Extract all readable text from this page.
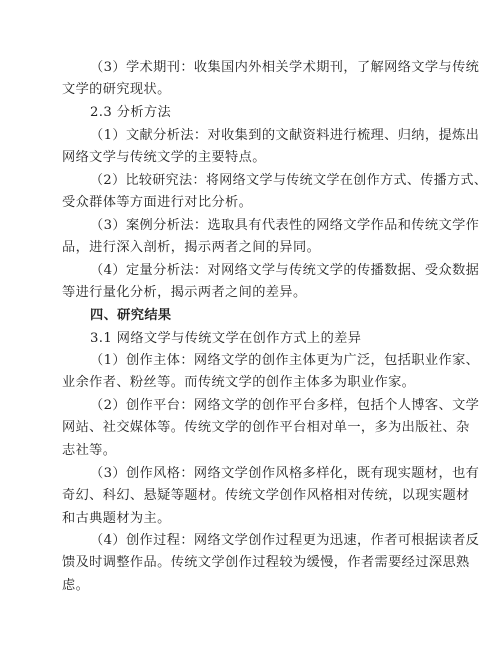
（3）学术期刊：收集国内外相关学术期刊，了解网络文学与传统
文学的研究现状。
2.3 分析方法
（1）文献分析法：对收集到的文献资料进行梳理、归纳，提炼出
网络文学与传统文学的主要特点。
（2）比较研究法：将网络文学与传统文学在创作方式、传播方式、
受众群体等方面进行对比分析。
（3）案例分析法：选取具有代表性的网络文学作品和传统文学作
品，进行深入剖析，揭示两者之间的异同。
（4）定量分析法：对网络文学与传统文学的传播数据、受众数据
等进行量化分析，揭示两者之间的差异。
四、研究结果
3.1 网络文学与传统文学在创作方式上的差异
（1）创作主体：网络文学的创作主体更为广泛，包括职业作家、
业余作者、粉丝等。而传统文学的创作主体多为职业作家。
（2）创作平台：网络文学的创作平台多样，包括个人博客、文学
网站、社交媒体等。传统文学的创作平台相对单一，多为出版社、杂
志社等。
（3）创作风格：网络文学创作风格多样化，既有现实题材，也有
奇幻、科幻、悬疑等题材。传统文学创作风格相对传统，以现实题材
和古典题材为主。
（4）创作过程：网络文学创作过程更为迅速，作者可根据读者反
馈及时调整作品。传统文学创作过程较为缓慢，作者需要经过深思熟
虑。
